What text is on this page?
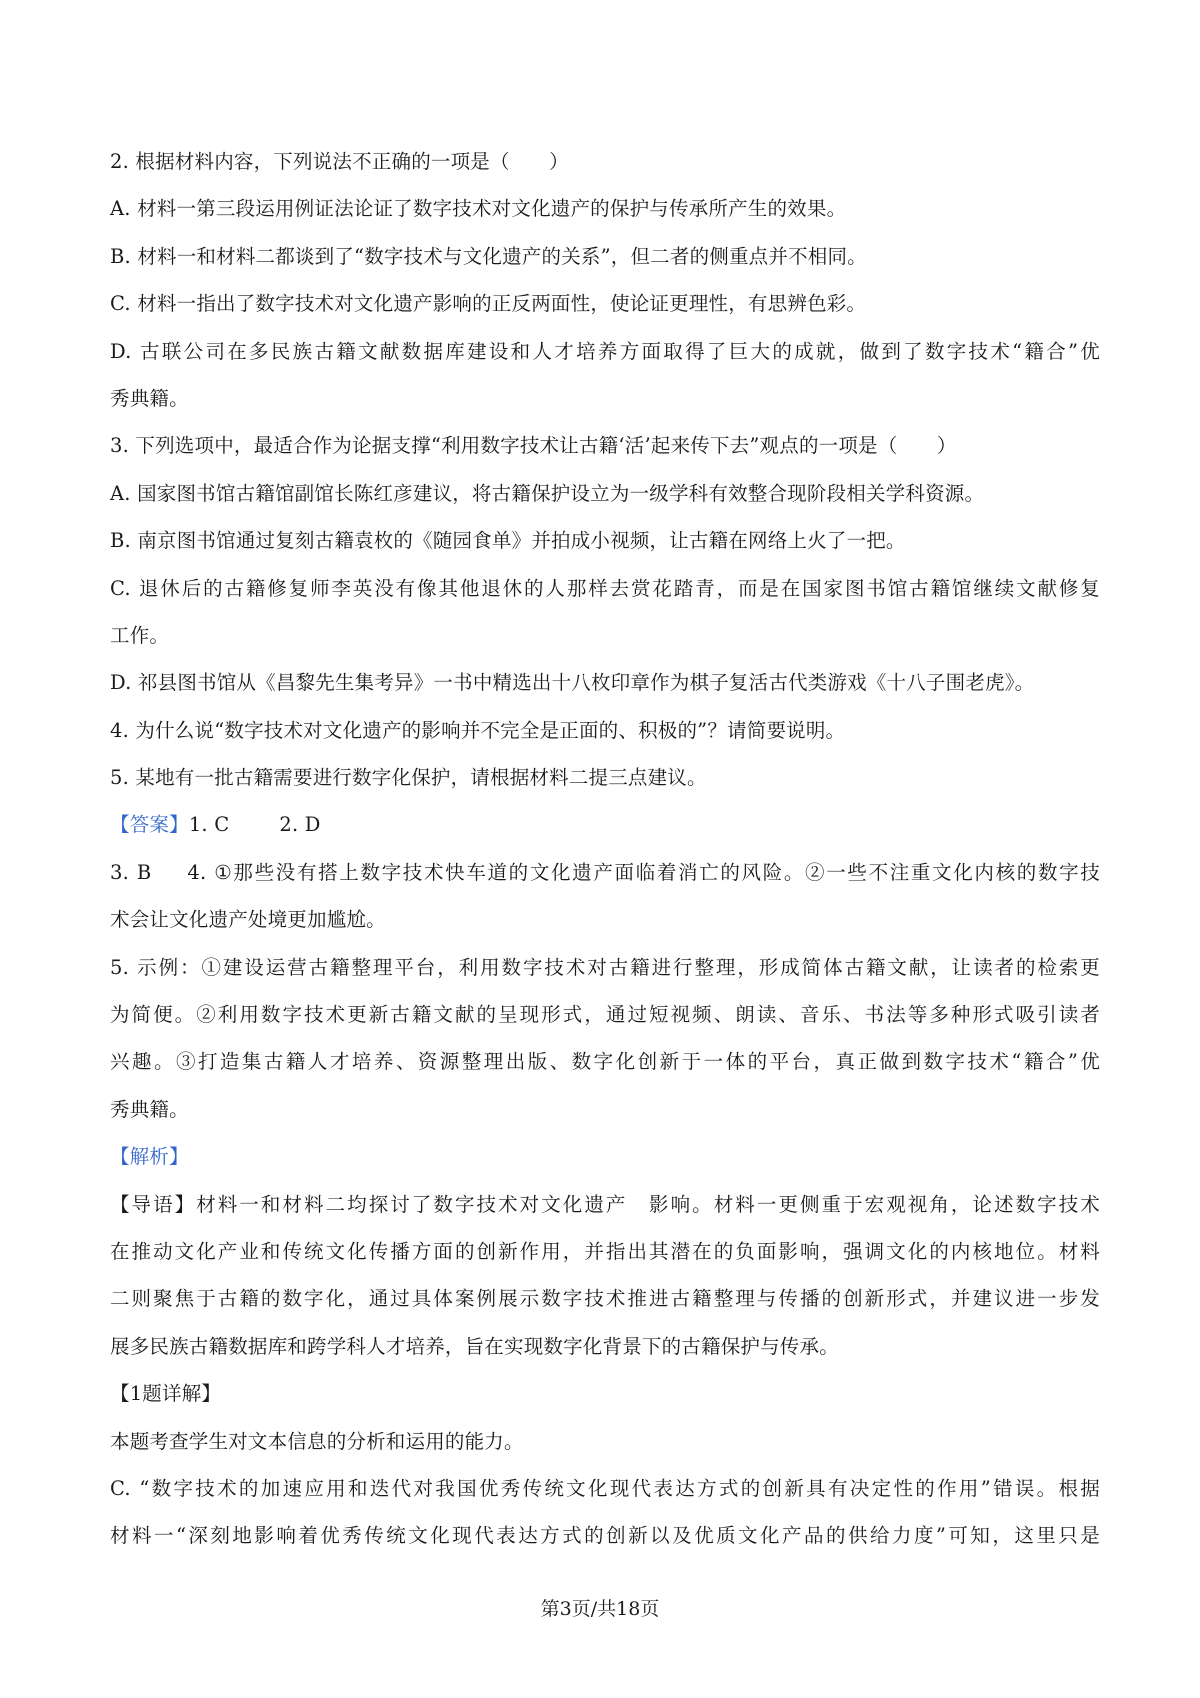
2. 根据材料内容，下列说法不正确的一项是（　　）
A. 材料一第三段运用例证法论证了数字技术对文化遗产的保护与传承所产生的效果。
B. 材料一和材料二都谈到了“数字技术与文化遗产的关系”，但二者的侧重点并不相同。
C. 材料一指出了数字技术对文化遗产影响的正反两面性，使论证更理性，有思辨色彩。
D. 古联公司在多民族古籍文献数据库建设和人才培养方面取得了巨大的成就，做到了数字技术“籍合”优
秀典籍。
3. 下列选项中，最适合作为论据支撑“利用数字技术让古籍‘活’起来传下去”观点的一项是（　　）
A. 国家图书馆古籍馆副馆长陈红彦建议，将古籍保护设立为一级学科有效整合现阶段相关学科资源。
B. 南京图书馆通过复刻古籍袁枚的《随园食单》并拍成小视频，让古籍在网络上火了一把。
C. 退休后的古籍修复师李英没有像其他退休的人那样去赏花踏青，而是在国家图书馆古籍馆继续文献修复
工作。
D. 祁县图书馆从《昌黎先生集考异》一书中精选出十八枚印章作为棋子复活古代类游戏《十八子围老虎》。
4. 为什么说“数字技术对文化遗产的影响并不完全是正面的、积极的”？请简要说明。
5. 某地有一批古籍需要进行数字化保护，请根据材料二提三点建议。
【答案】1. C	2. D
3. B 4. ①那些没有搭上数字技术快车道的文化遗产面临着消亡的风险。②一些不注重文化内核的数字技
术会让文化遗产处境更加尴尬。
5. 示例：①建设运营古籍整理平台，利用数字技术对古籍进行整理，形成简体古籍文献，让读者的检索更
为简便。②利用数字技术更新古籍文献的呈现形式，通过短视频、朗读、音乐、书法等多种形式吸引读者
兴趣。③打造集古籍人才培养、资源整理出版、数字化创新于一体的平台，真正做到数字技术“籍合”优
秀典籍。
【解析】
【导语】材料一和材料二均探讨了数字技术对文化遗产　影响。材料一更侧重于宏观视角，论述数字技术
在推动文化产业和传统文化传播方面的创新作用，并指出其潜在的负面影响，强调文化的内核地位。材料
二则聚焦于古籍的数字化，通过具体案例展示数字技术推进古籍整理与传播的创新形式，并建议进一步发
展多民族古籍数据库和跨学科人才培养，旨在实现数字化背景下的古籍保护与传承。
【1题详解】
本题考查学生对文本信息的分析和运用的能力。
C. “数字技术的加速应用和迭代对我国优秀传统文化现代表达方式的创新具有决定性的作用”错误。根据
材料一“深刻地影响着优秀传统文化现代表达方式的创新以及优质文化产品的供给力度”可知，这里只是
第3页/共18页
